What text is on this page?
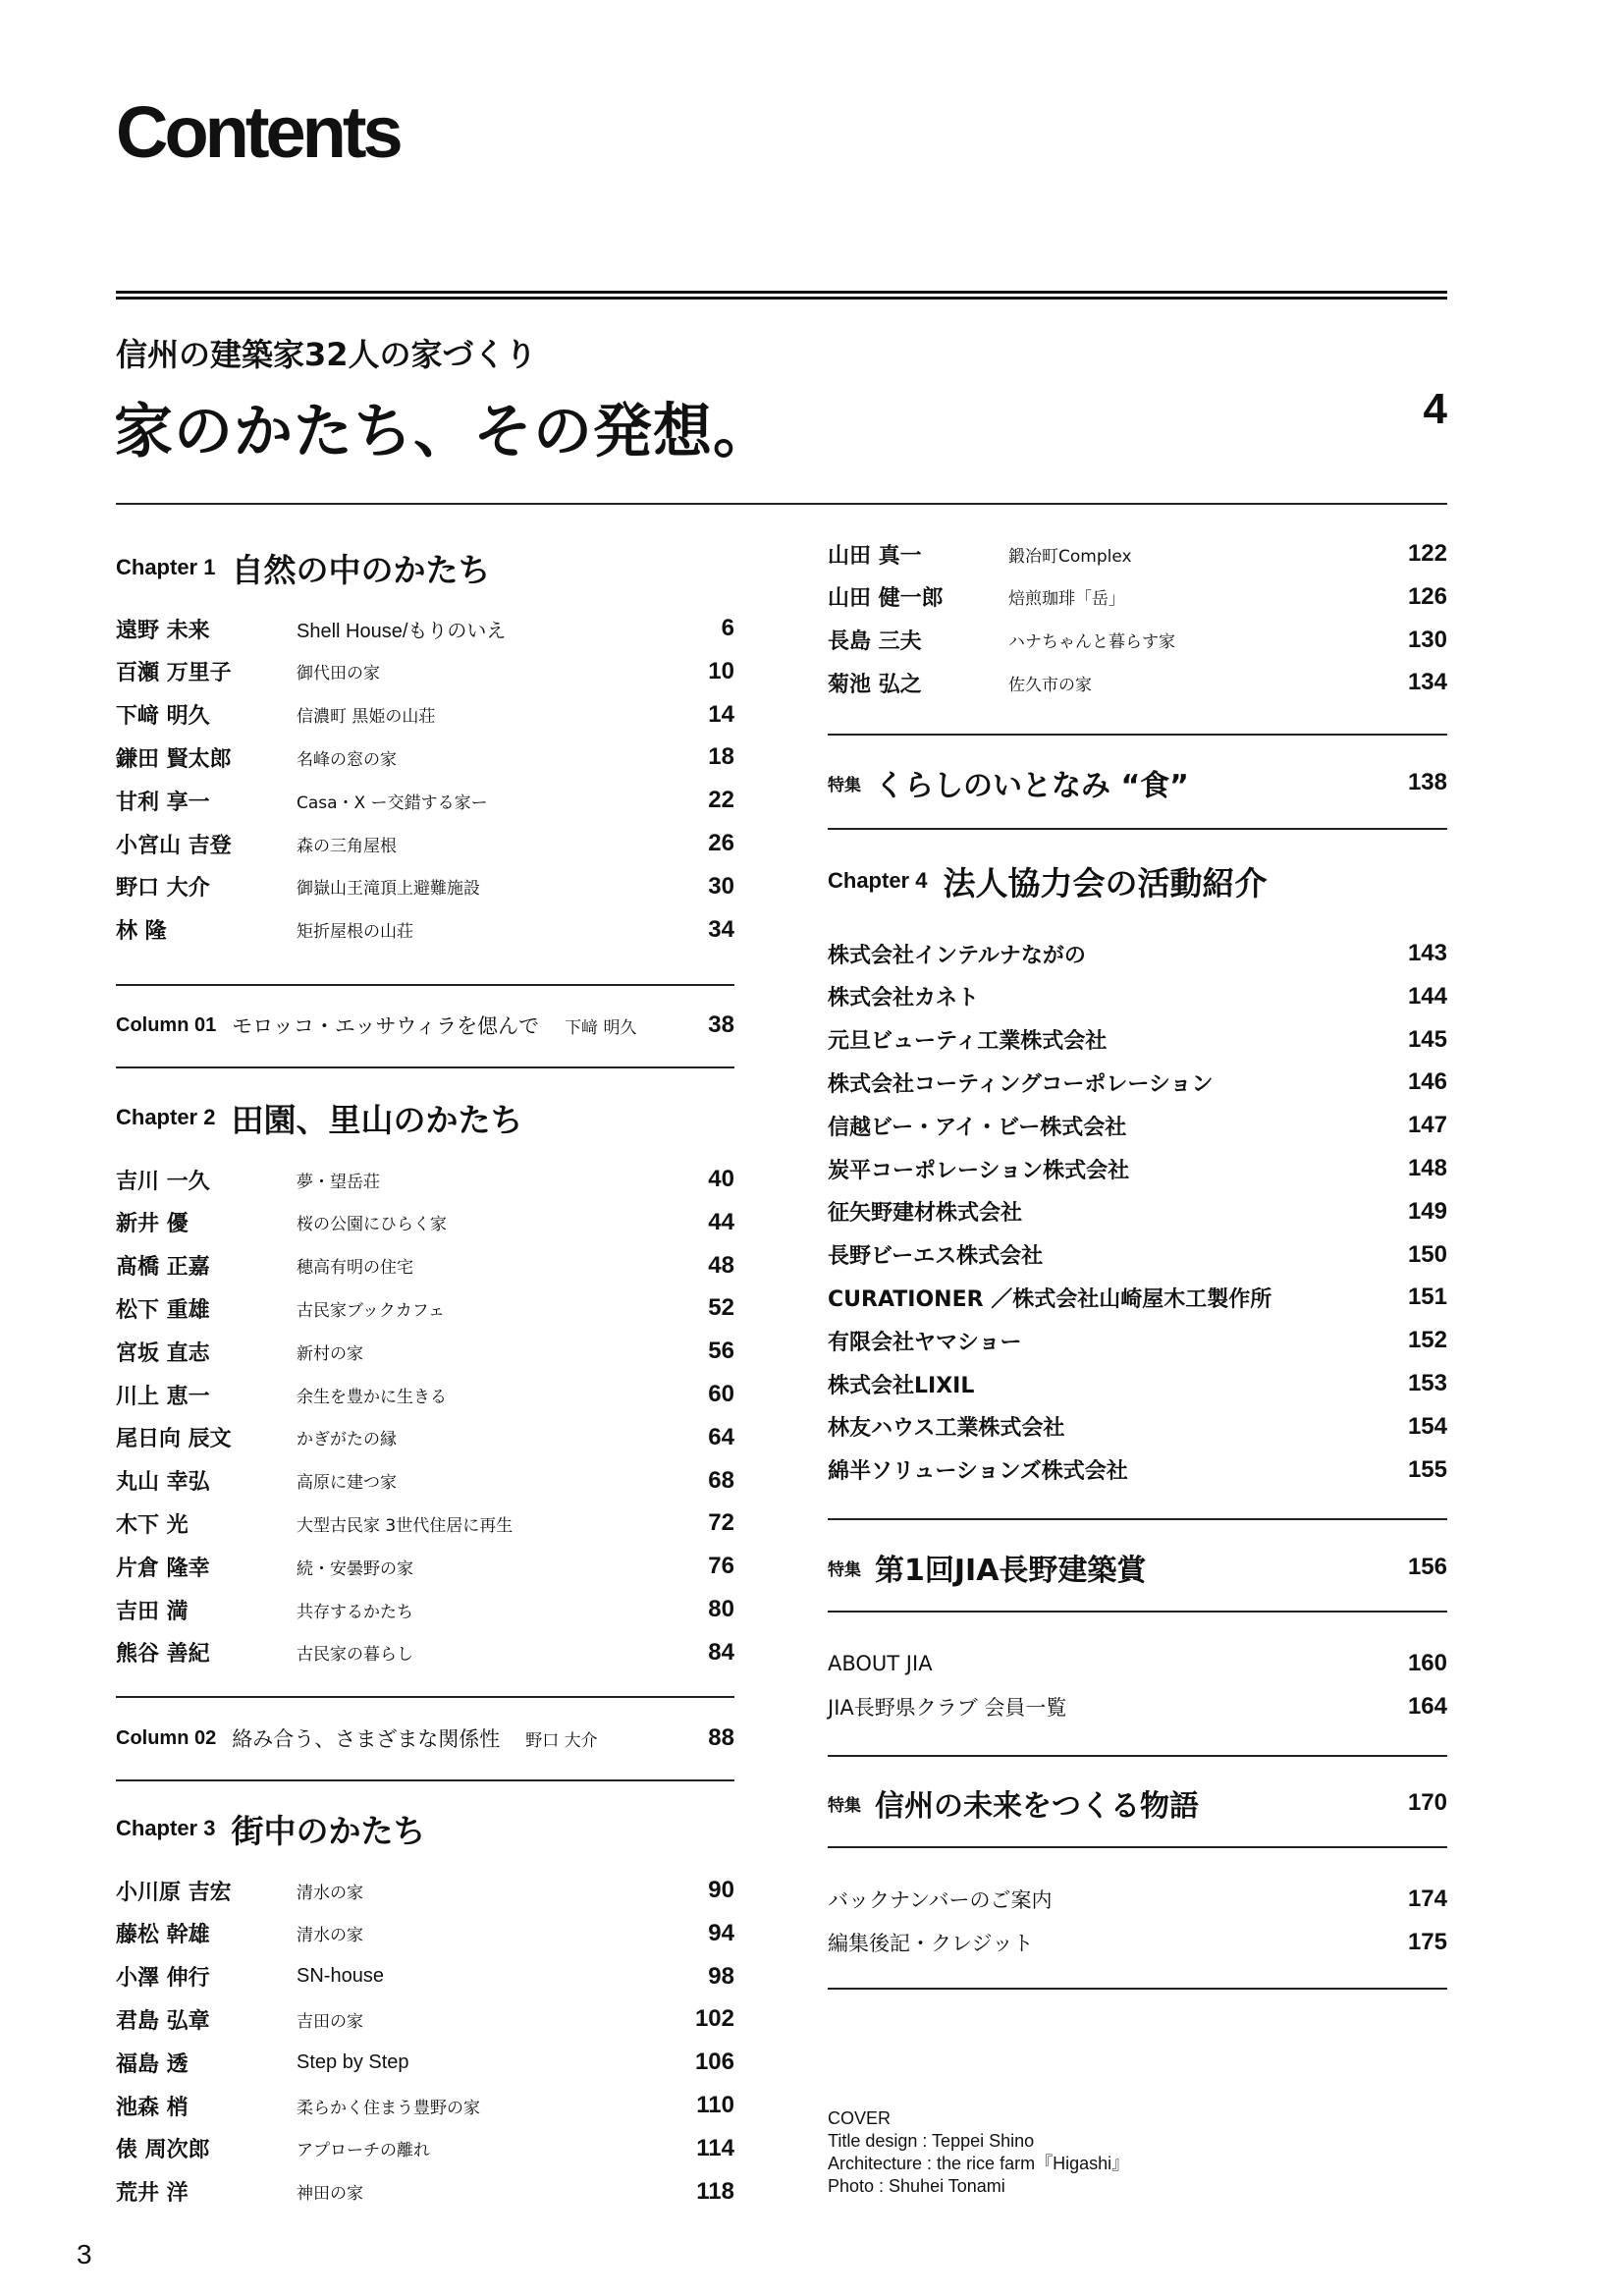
Contents
信州の建築家32人の家づくり
家のかたち、その発想。	4
Chapter 1 自然の中のかたち
遠野 未来	Shell House/もりのいえ	6
百瀬 万里子	御代田の家	10
下﨑 明久	信濃町 黒姫の山荘	14
鎌田 賢太郎	名峰の窓の家	18
甘利 享一	Casa・X ー交錯する家ー	22
小宮山 吉登	森の三角屋根	26
野口 大介	御嶽山王滝頂上避難施設	30
林 隆	矩折屋根の山荘	34
Column 01 モロッコ・エッサウィラを偲んで 下﨑 明久	38
Chapter 2 田園、里山のかたち
吉川 一久	夢・望岳荘	40
新井 優	桜の公園にひらく家	44
髙橋 正嘉	穂高有明の住宅	48
松下 重雄	古民家ブックカフェ	52
宮坂 直志	新村の家	56
川上 恵一	余生を豊かに生きる	60
尾日向 辰文	かぎがたの縁	64
丸山 幸弘	高原に建つ家	68
木下 光	大型古民家 3世代住居に再生	72
片倉 隆幸	続・安曇野の家	76
吉田 満	共存するかたち	80
熊谷 善紀	古民家の暮らし	84
Column 02 絡み合う、さまざまな関係性 野口 大介	88
Chapter 3 街中のかたち
小川原 吉宏	清水の家	90
藤松 幹雄	清水の家	94
小澤 伸行	SN-house	98
君島 弘章	吉田の家	102
福島 透	Step by Step	106
池森 梢	柔らかく住まう豊野の家	110
俵 周次郎	アプローチの離れ	114
荒井 洋	神田の家	118
山田 真一	鍛冶町Complex	122
山田 健一郎	焙煎珈琲「岳」	126
長島 三夫	ハナちゃんと暮らす家	130
菊池 弘之	佐久市の家	134
特集 くらしのいとなみ “食”	138
Chapter 4 法人協力会の活動紹介
株式会社インテルナながの	143
株式会社カネト	144
元旦ビューティ工業株式会社	145
株式会社コーティングコーポレーション	146
信越ビー・アイ・ビー株式会社	147
炭平コーポレーション株式会社	148
征矢野建材株式会社	149
長野ビーエス株式会社	150
CURATIONER ／株式会社山崎屋木工製作所	151
有限会社ヤマショー	152
株式会社LIXIL	153
林友ハウス工業株式会社	154
綿半ソリューションズ株式会社	155
特集 第1回JIA長野建築賞	156
ABOUT JIA	160
JIA長野県クラブ 会員一覧	164
特集 信州の未来をつくる物語	170
バックナンバーのご案内	174
編集後記・クレジット	175
COVER
Title design : Teppei Shino
Architecture : the rice farm『Higashi』
Photo : Shuhei Tonami
3
